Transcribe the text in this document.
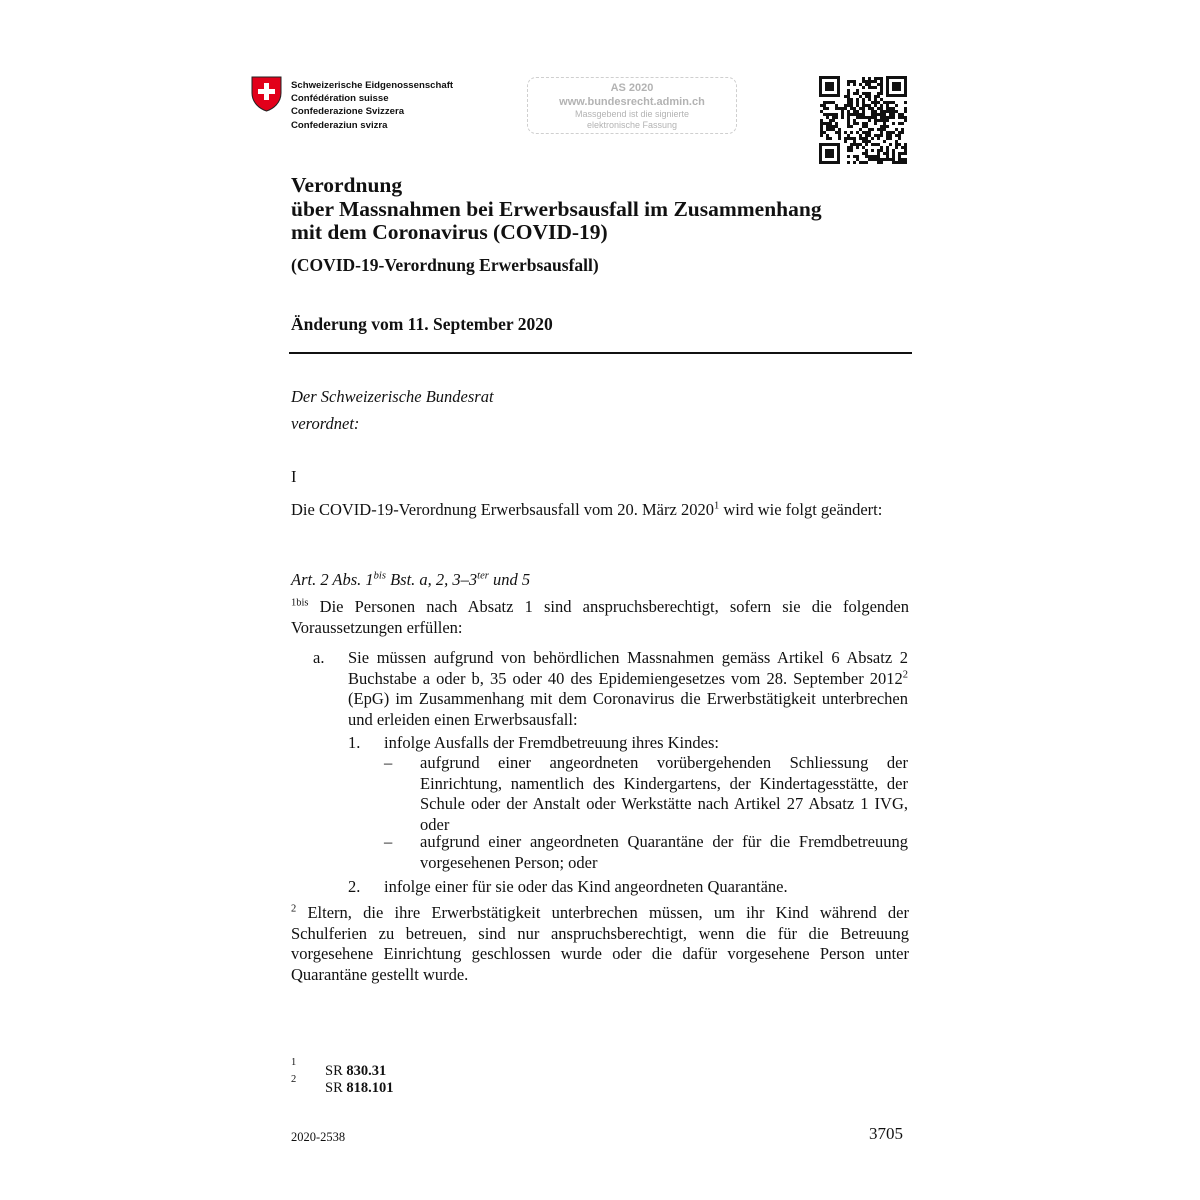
Schweizerische Eidgenossenschaft
Confédération suisse
Confederazione Svizzera
Confederaziun svizra
AS 2020
www.bundesrecht.admin.ch
Massgebend ist die signierte
elektronische Fassung
Verordnung
über Massnahmen bei Erwerbsausfall im Zusammenhang
mit dem Coronavirus (COVID-19)
(COVID-19-Verordnung Erwerbsausfall)
Änderung vom 11. September 2020
Der Schweizerische Bundesrat
verordnet:
I
Die COVID-19-Verordnung Erwerbsausfall vom 20. März 2020$^1$ wird wie folgt geändert:
Art. 2 Abs. $1^{bis}$ Bst. a, 2, $3-3^{ter}$ und 5
$^{1bis}$ Die Personen nach Absatz 1 sind anspruchsberechtigt, sofern sie die folgenden Voraussetzungen erfüllen:
a. Sie müssen aufgrund von behördlichen Massnahmen gemäss Artikel 6 Absatz 2 Buchstabe a oder b, 35 oder 40 des Epidemiengesetzes vom 28. September 2012$^2$ (EpG) im Zusammenhang mit dem Coronavirus die Erwerbstätigkeit unterbrechen und erleiden einen Erwerbsausfall:
1. infolge Ausfalls der Fremdbetreuung ihres Kindes:
– aufgrund einer angeordneten vorübergehenden Schliessung der Einrichtung, namentlich des Kindergartens, der Kindertagesstätte, der Schule oder der Anstalt oder Werkstätte nach Artikel 27 Absatz 1 IVG, oder
– aufgrund einer angeordneten Quarantäne der für die Fremdbetreuung vorgesehenen Person; oder
2. infolge einer für sie oder das Kind angeordneten Quarantäne.
$^2$ Eltern, die ihre Erwerbstätigkeit unterbrechen müssen, um ihr Kind während der Schulferien zu betreuen, sind nur anspruchsberechtigt, wenn die für die Betreuung vorgesehene Einrichtung geschlossen wurde oder die dafür vorgesehene Person unter Quarantäne gestellt wurde.
$^1$
SR 830.31
$^2$
SR 818.101
2020-2538	3705
